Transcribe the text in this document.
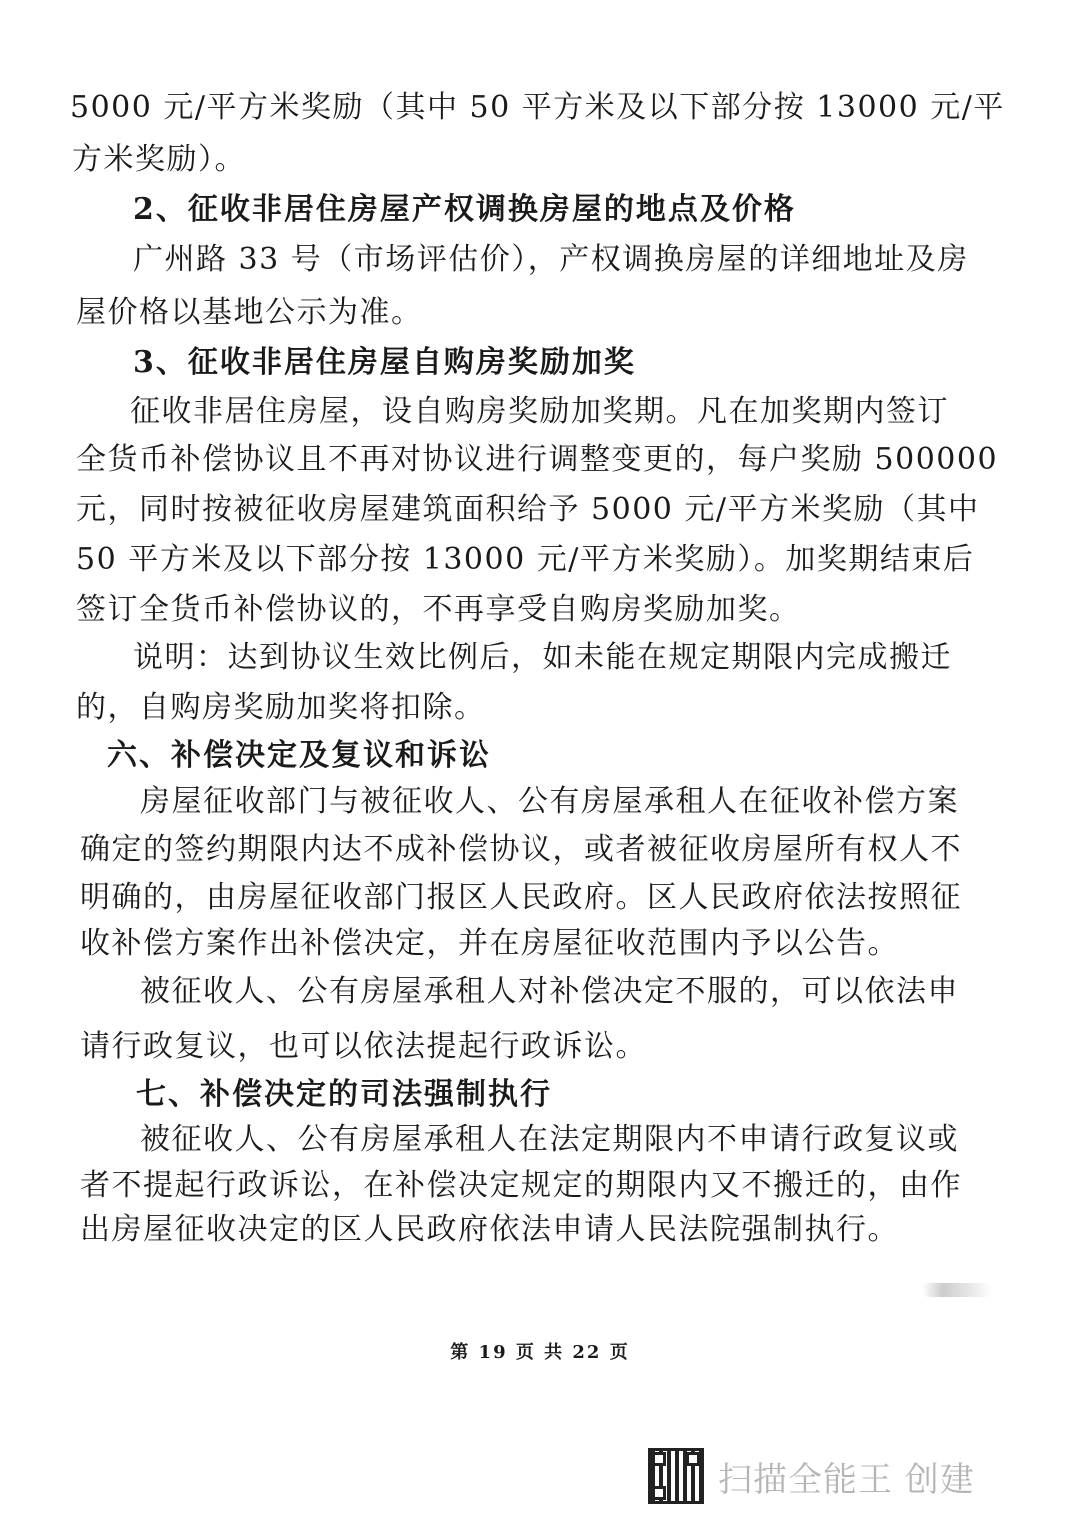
5000 元/平方米奖励（其中 50 平方米及以下部分按 13000 元/平
方米奖励）。
2、征收非居住房屋产权调换房屋的地点及价格
广州路 33 号（市场评估价），产权调换房屋的详细地址及房
屋价格以基地公示为准。
3、征收非居住房屋自购房奖励加奖
征收非居住房屋，设自购房奖励加奖期。凡在加奖期内签订
全货币补偿协议且不再对协议进行调整变更的，每户奖励 500000
元，同时按被征收房屋建筑面积给予 5000 元/平方米奖励（其中
50 平方米及以下部分按 13000 元/平方米奖励）。加奖期结束后
签订全货币补偿协议的，不再享受自购房奖励加奖。
说明：达到协议生效比例后，如未能在规定期限内完成搬迁
的，自购房奖励加奖将扣除。
六、补偿决定及复议和诉讼
房屋征收部门与被征收人、公有房屋承租人在征收补偿方案
确定的签约期限内达不成补偿协议，或者被征收房屋所有权人不
明确的，由房屋征收部门报区人民政府。区人民政府依法按照征
收补偿方案作出补偿决定，并在房屋征收范围内予以公告。
被征收人、公有房屋承租人对补偿决定不服的，可以依法申
请行政复议，也可以依法提起行政诉讼。
七、补偿决定的司法强制执行
被征收人、公有房屋承租人在法定期限内不申请行政复议或
者不提起行政诉讼，在补偿决定规定的期限内又不搬迁的，由作
出房屋征收决定的区人民政府依法申请人民法院强制执行。
第 19 页 共 22 页
扫描全能王 创建
